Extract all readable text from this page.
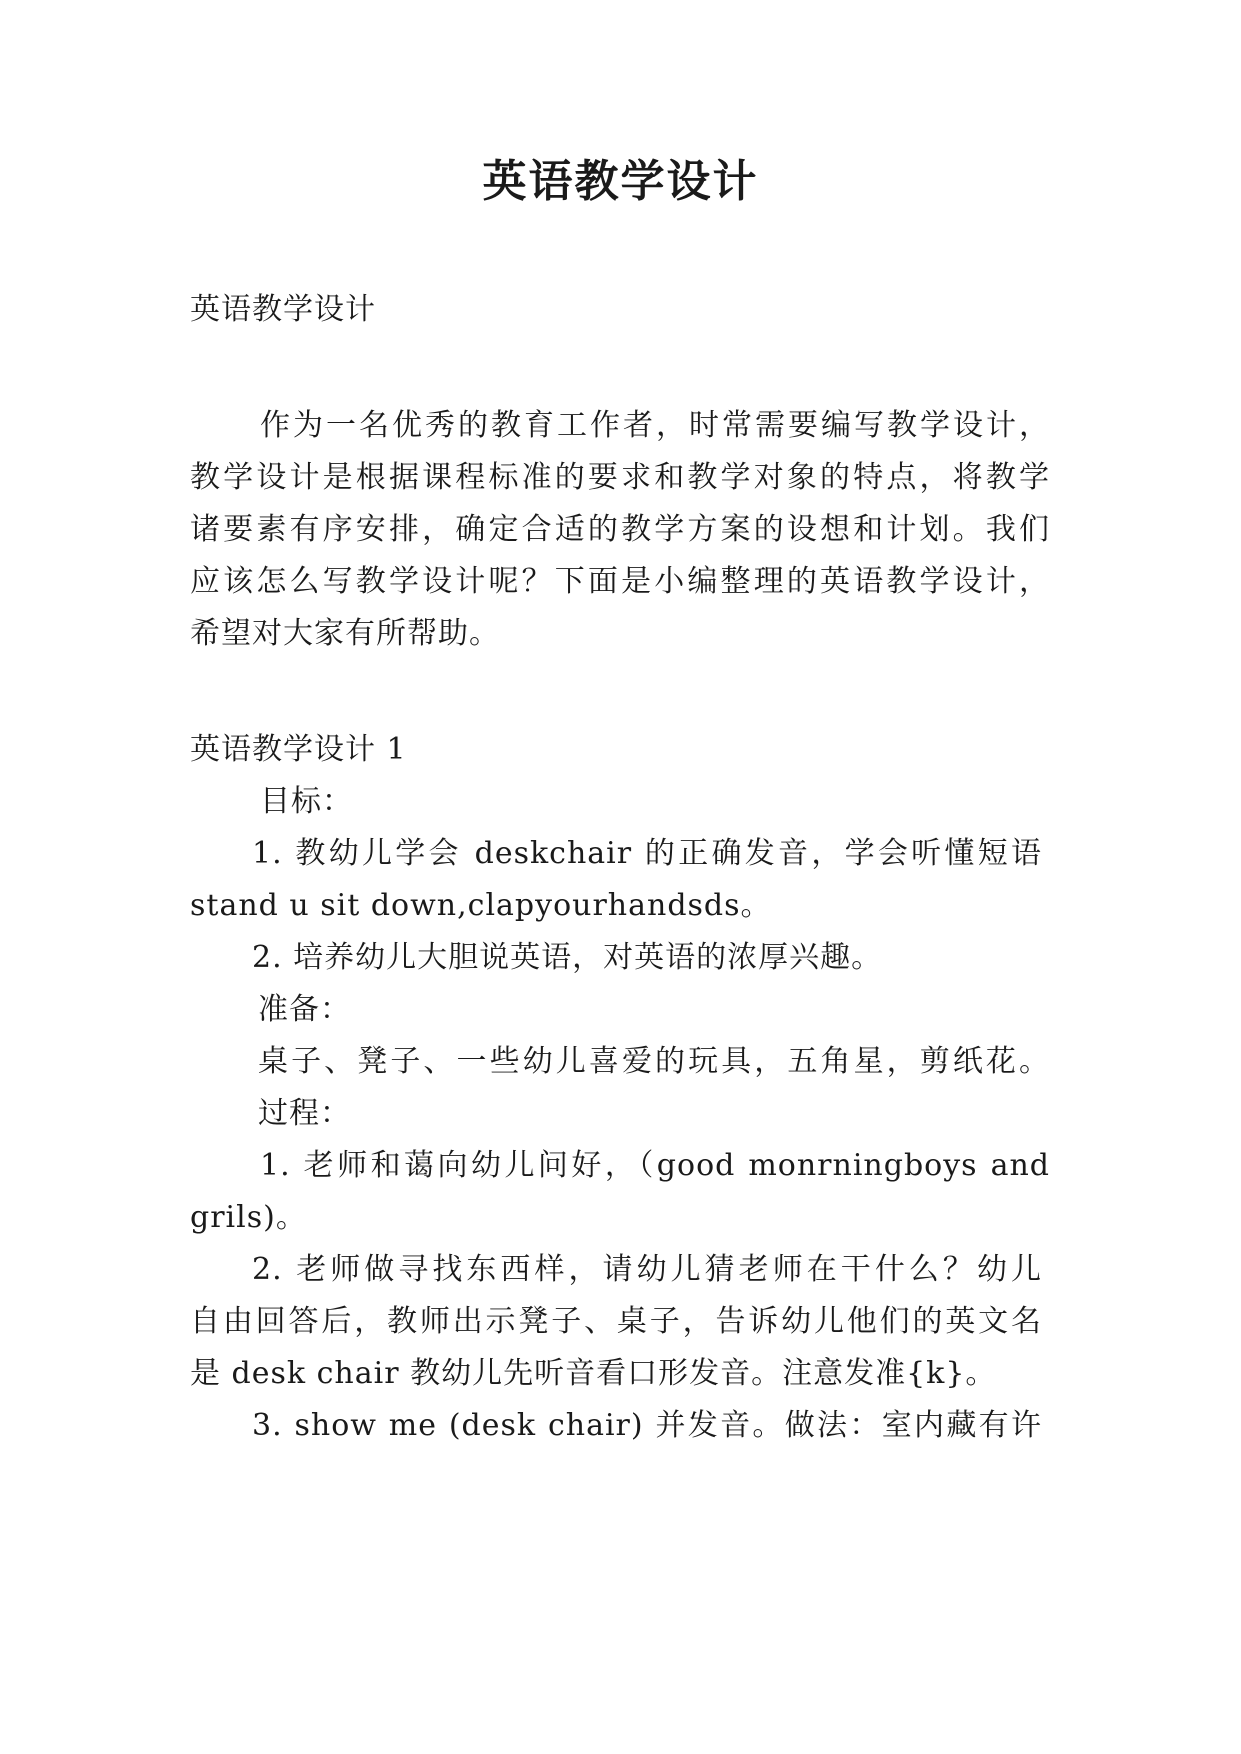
英语教学设计
英语教学设计
作为一名优秀的教育工作者，时常需要编写教学设计，
教学设计是根据课程标准的要求和教学对象的特点，将教学
诸要素有序安排，确定合适的教学方案的设想和计划。我们
应该怎么写教学设计呢？下面是小编整理的英语教学设计，
希望对大家有所帮助。
英语教学设计 1
目标：
1. 教幼儿学会 deskchair 的正确发音，学会听懂短语
stand u sit down,clapyourhandsds。
2. 培养幼儿大胆说英语，对英语的浓厚兴趣。
准备：
桌子、凳子、一些幼儿喜爱的玩具，五角星，剪纸花。
过程：
1. 老师和蔼向幼儿问好，（good monrningboys and
grils)。
2. 老师做寻找东西样，请幼儿猜老师在干什么？幼儿
自由回答后，教师出示凳子、桌子，告诉幼儿他们的英文名
是 desk chair 教幼儿先听音看口形发音。注意发准{k}。
3. show me (desk chair) 并发音。做法：室内藏有许
